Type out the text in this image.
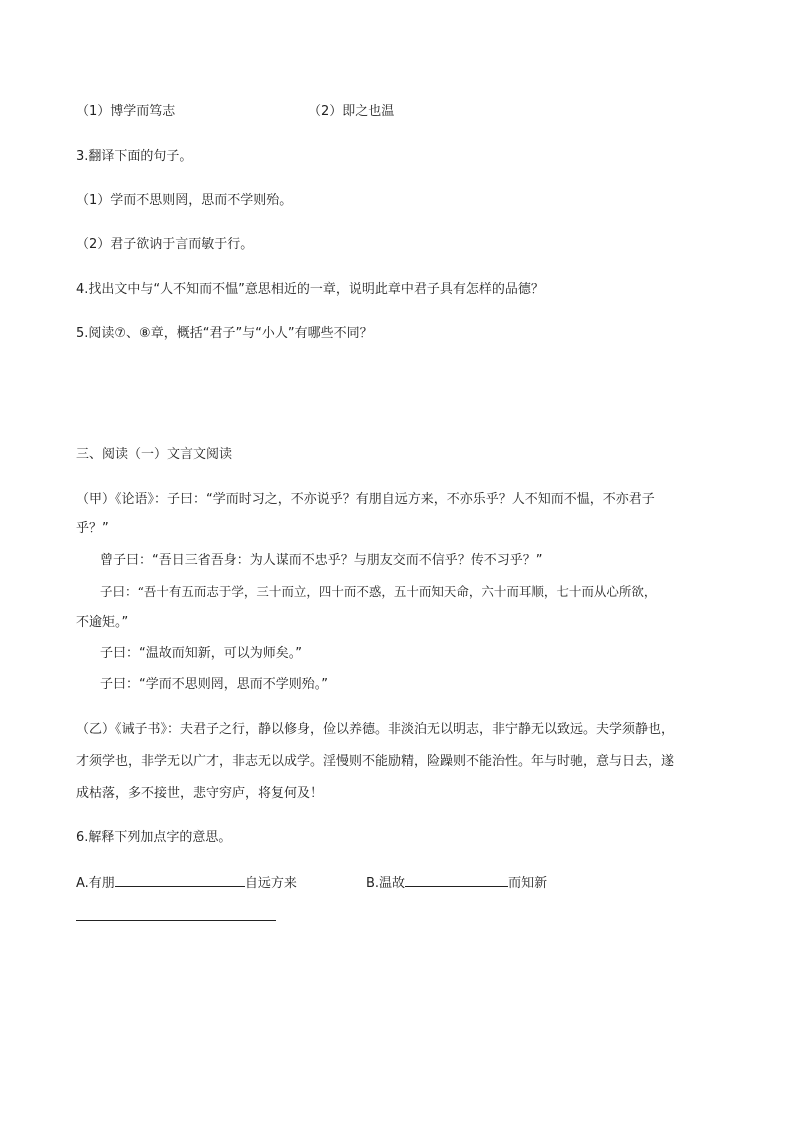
（1）博学而笃志	（2）即之也温
3.翻译下面的句子。
（1）学而不思则罔，思而不学则殆。
（2）君子欲讷于言而敏于行。
4.找出文中与“人不知而不愠”意思相近的一章，说明此章中君子具有怎样的品德？
5.阅读⑦、⑧章，概括“君子”与“小人”有哪些不同？
三、阅读（一）文言文阅读
（甲）《论语》：子曰：“学而时习之，不亦说乎？有朋自远方来，不亦乐乎？人不知而不愠，不亦君子
乎？”
曾子曰：“吾日三省吾身：为人谋而不忠乎？与朋友交而不信乎？传不习乎？”
子曰：“吾十有五而志于学，三十而立，四十而不惑，五十而知天命，六十而耳顺，七十而从心所欲，
不逾矩。”
子曰：“温故而知新，可以为师矣。”
子曰：“学而不思则罔，思而不学则殆。”
（乙）《诫子书》：夫君子之行，静以修身，俭以养德。非淡泊无以明志，非宁静无以致远。夫学须静也，
才须学也，非学无以广才，非志无以成学。淫慢则不能励精，险躁则不能治性。年与时驰，意与日去，遂
成枯落，多不接世，悲守穷庐，将复何及！
6.解释下列加点字的意思。
A.有朋	自远方来	B.温故	而知新
